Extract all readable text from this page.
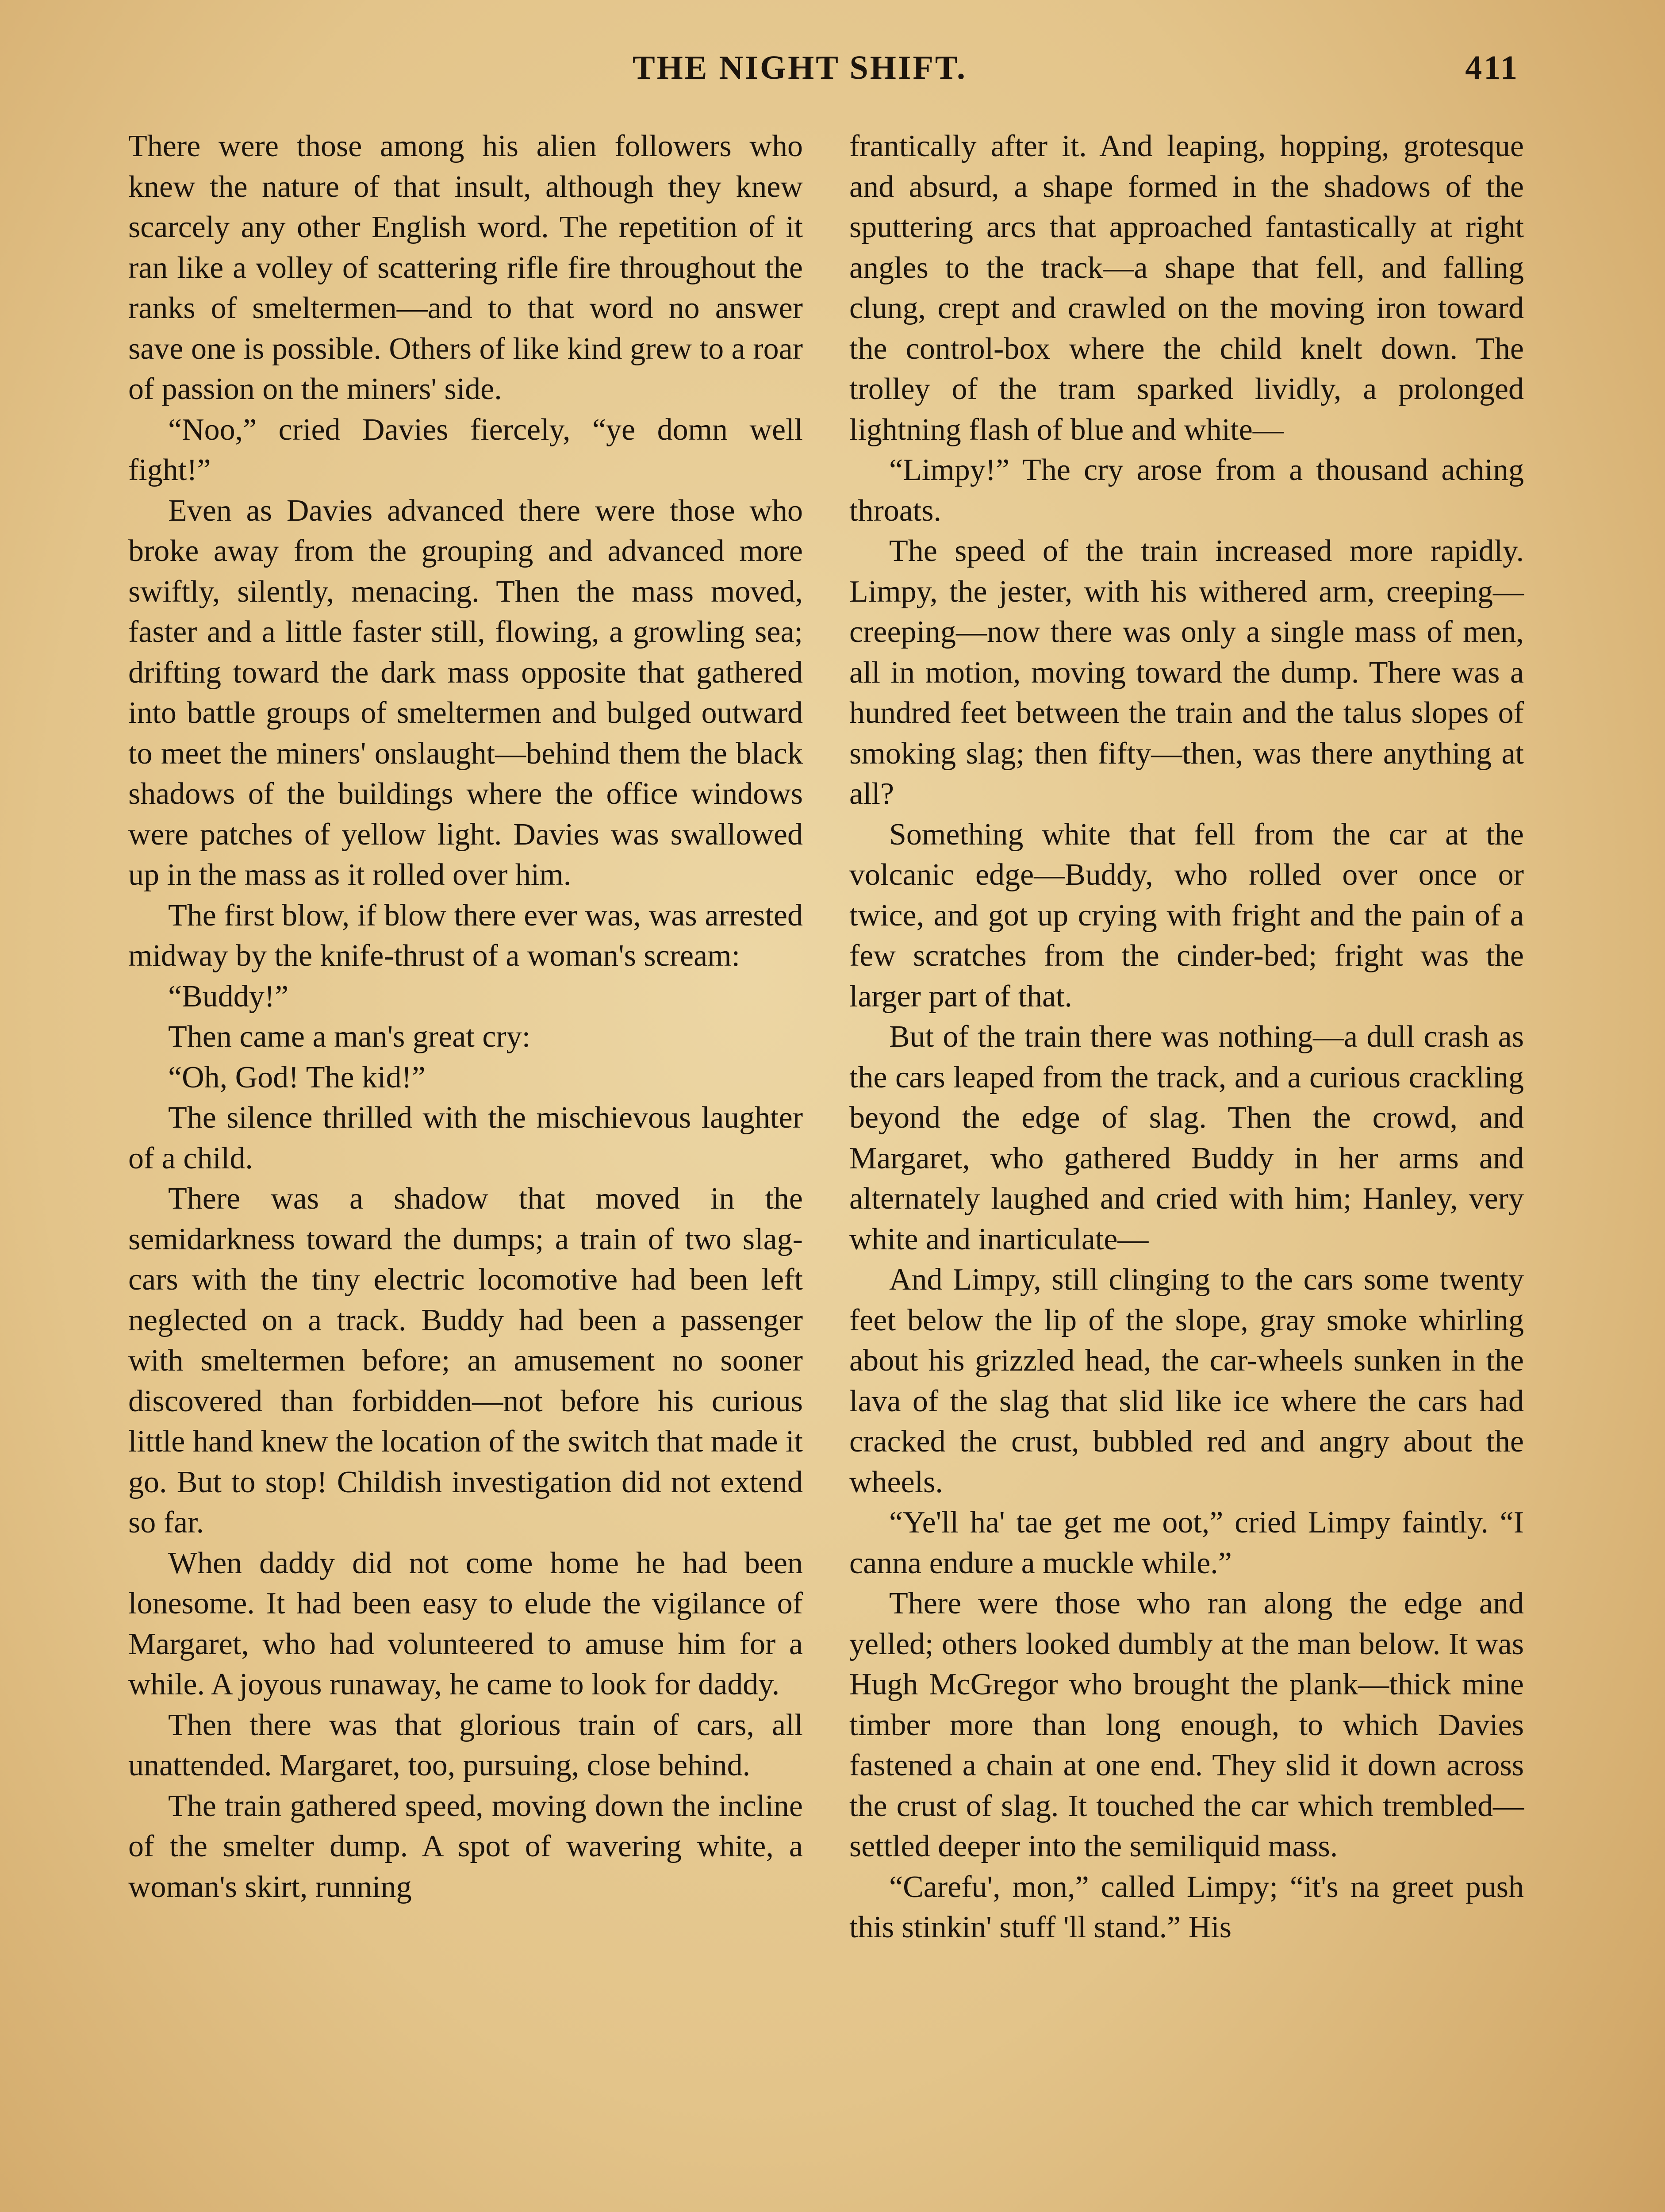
THE NIGHT SHIFT.	411

There were those among his alien followers who knew the nature of that insult, although they knew scarcely any other English word. The repetition of it ran like a volley of scattering rifle fire throughout the ranks of smeltermen—and to that word no answer save one is possible. Others of like kind grew to a roar of passion on the miners' side.

“Noo,” cried Davies fiercely, “ye domn well fight!”

Even as Davies advanced there were those who broke away from the grouping and advanced more swiftly, silently, menacing. Then the mass moved, faster and a little faster still, flowing, a growling sea; drifting toward the dark mass opposite that gathered into battle groups of smeltermen and bulged outward to meet the miners' onslaught—behind them the black shadows of the buildings where the office windows were patches of yellow light. Davies was swallowed up in the mass as it rolled over him.

The first blow, if blow there ever was, was arrested midway by the knife-thrust of a woman's scream:

“Buddy!”

Then came a man's great cry:

“Oh, God! The kid!”

The silence thrilled with the mischievous laughter of a child.

There was a shadow that moved in the semidarkness toward the dumps; a train of two slag-cars with the tiny electric locomotive had been left neglected on a track. Buddy had been a passenger with smeltermen before; an amusement no sooner discovered than forbidden—not before his curious little hand knew the location of the switch that made it go. But to stop! Childish investigation did not extend so far.

When daddy did not come home he had been lonesome. It had been easy to elude the vigilance of Margaret, who had volunteered to amuse him for a while. A joyous runaway, he came to look for daddy.

Then there was that glorious train of cars, all unattended. Margaret, too, pursuing, close behind.

The train gathered speed, moving down the incline of the smelter dump. A spot of wavering white, a woman's skirt, running

frantically after it. And leaping, hopping, grotesque and absurd, a shape formed in the shadows of the sputtering arcs that approached fantastically at right angles to the track—a shape that fell, and falling clung, crept and crawled on the moving iron toward the control-box where the child knelt down. The trolley of the tram sparked lividly, a prolonged lightning flash of blue and white—

“Limpy!” The cry arose from a thousand aching throats.

The speed of the train increased more rapidly. Limpy, the jester, with his withered arm, creeping—creeping—now there was only a single mass of men, all in motion, moving toward the dump. There was a hundred feet between the train and the talus slopes of smoking slag; then fifty—then, was there anything at all?

Something white that fell from the car at the volcanic edge—Buddy, who rolled over once or twice, and got up crying with fright and the pain of a few scratches from the cinder-bed; fright was the larger part of that.

But of the train there was nothing—a dull crash as the cars leaped from the track, and a curious crackling beyond the edge of slag. Then the crowd, and Margaret, who gathered Buddy in her arms and alternately laughed and cried with him; Hanley, very white and inarticulate—

And Limpy, still clinging to the cars some twenty feet below the lip of the slope, gray smoke whirling about his grizzled head, the car-wheels sunken in the lava of the slag that slid like ice where the cars had cracked the crust, bubbled red and angry about the wheels.

“Ye'll ha' tae get me oot,” cried Limpy faintly. “I canna endure a muckle while.”

There were those who ran along the edge and yelled; others looked dumbly at the man below. It was Hugh McGregor who brought the plank—thick mine timber more than long enough, to which Davies fastened a chain at one end. They slid it down across the crust of slag. It touched the car which trembled—settled deeper into the semiliquid mass.

“Carefu', mon,” called Limpy; “it's na greet push this stinkin' stuff 'll stand.” His
